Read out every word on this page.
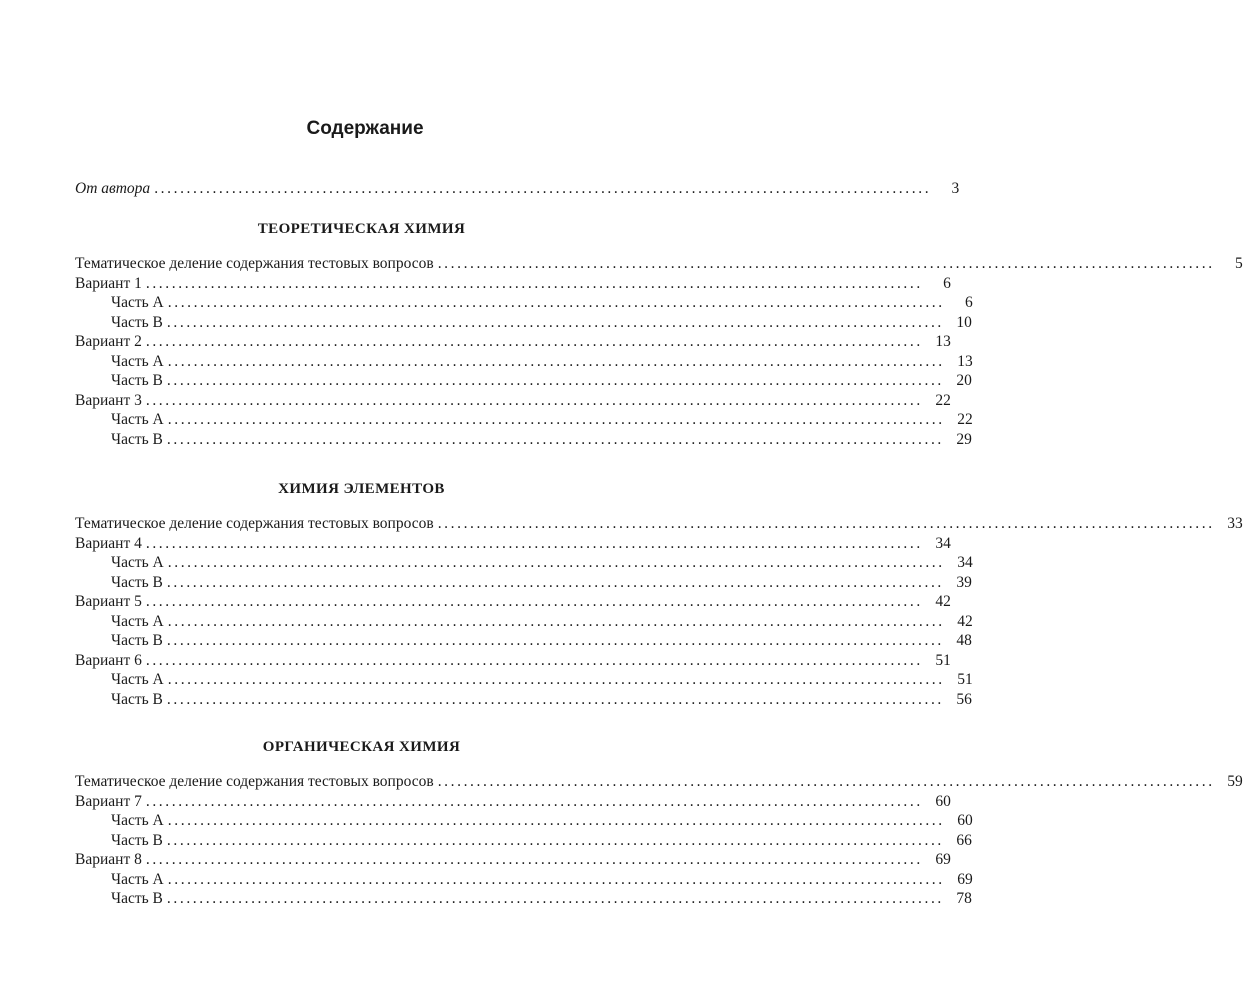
Содержание
От автора ........................................................................................................................	3
ТЕОРЕТИЧЕСКАЯ ХИМИЯ
Тематическое деление содержания тестовых вопросов ........................................................................................................................	5
Вариант 1 ........................................................................................................................	6
Часть A ........................................................................................................................	6
Часть B ........................................................................................................................ 10
Вариант 2 ........................................................................................................................ 13
Часть A ........................................................................................................................ 13
Часть B ........................................................................................................................ 20
Вариант 3 ........................................................................................................................ 22
Часть A ........................................................................................................................ 22
Часть B ........................................................................................................................ 29
ХИМИЯ ЭЛЕМЕНТОВ
Тематическое деление содержания тестовых вопросов ........................................................................................................................ 33
Вариант 4 ........................................................................................................................ 34
Часть A ........................................................................................................................ 34
Часть B ........................................................................................................................ 39
Вариант 5 ........................................................................................................................ 42
Часть A ........................................................................................................................ 42
Часть B ........................................................................................................................ 48
Вариант 6 ........................................................................................................................ 51
Часть A ........................................................................................................................ 51
Часть B ........................................................................................................................ 56
ОРГАНИЧЕСКАЯ ХИМИЯ
Тематическое деление содержания тестовых вопросов ........................................................................................................................ 59
Вариант 7 ........................................................................................................................ 60
Часть A ........................................................................................................................ 60
Часть B ........................................................................................................................ 66
Вариант 8 ........................................................................................................................ 69
Часть A ........................................................................................................................ 69
Часть B ........................................................................................................................ 78
